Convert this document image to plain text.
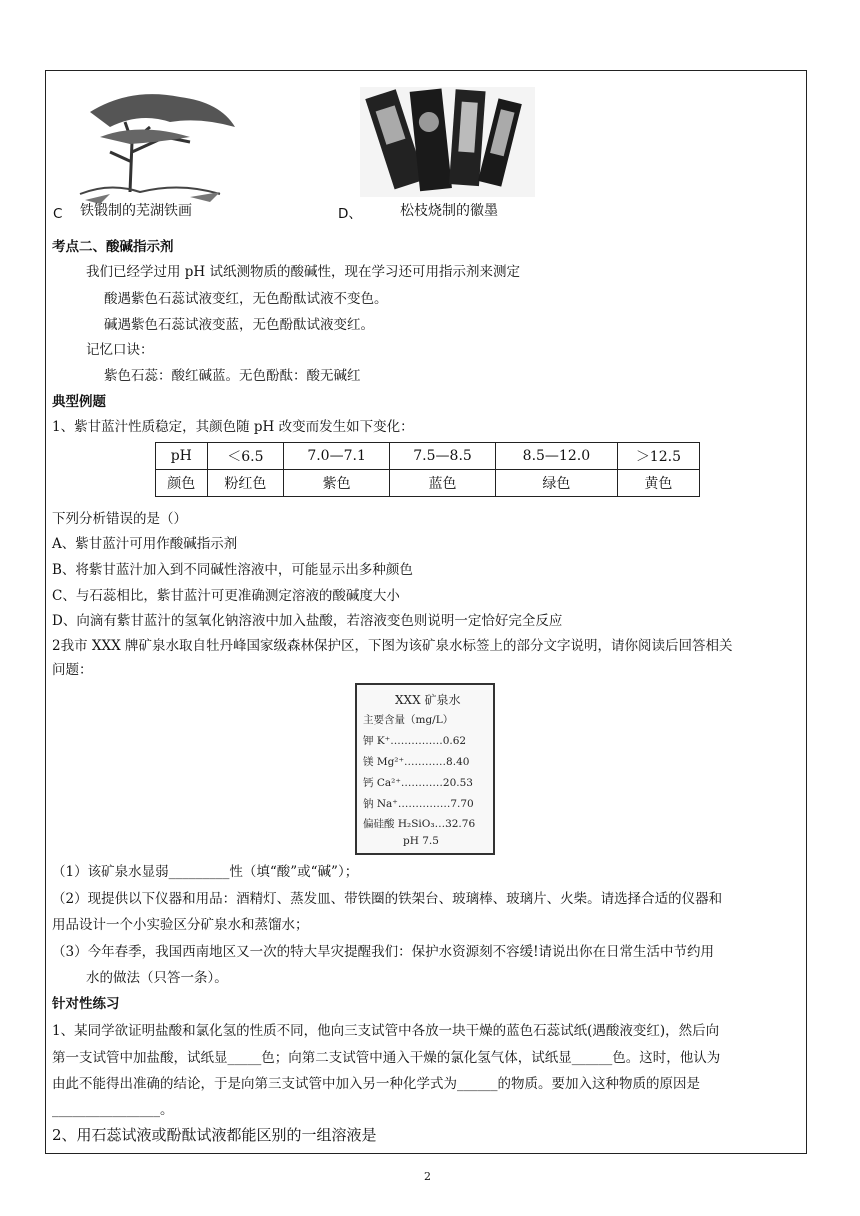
铁锻制的芜湖铁画
C	松枝烧制的徽墨
D、
考点二、酸碱指示剂
我们已经学过用 pH 试纸测物质的酸碱性，现在学习还可用指示剂来测定
酸遇紫色石蕊试液变红，无色酚酞试液不变色。
碱遇紫色石蕊试液变蓝，无色酚酞试液变红。
记忆口诀：
紫色石蕊：酸红碱蓝。无色酚酞：酸无碱红
典型例题
1、紫甘蓝汁性质稳定，其颜色随 pH 改变而发生如下变化：
pH	＜6.5	7.0—7.1	7.5—8.5	8.5—12.0	＞12.5
颜色	粉红色	紫色	蓝色	绿色	黄色
下列分析错误的是（）
A、紫甘蓝汁可用作酸碱指示剂
B、将紫甘蓝汁加入到不同碱性溶液中，可能显示出多种颜色
C、与石蕊相比，紫甘蓝汁可更准确测定溶液的酸碱度大小
D、向滴有紫甘蓝汁的氢氧化钠溶液中加入盐酸，若溶液变色则说明一定恰好完全反应
2我市 XXX 牌矿泉水取自牡丹峰国家级森林保护区，下图为该矿泉水标签上的部分文字说明，请你阅读后回答相关
问题：
XXX 矿泉水
主要含量（mg/L）
钾 K⁺……………0.62
镁 Mg²⁺…………8.40
钙 Ca²⁺…………20.53
钠 Na⁺……………7.70
偏硅酸 H₂SiO₃…32.76
pH 7.5
（1）该矿泉水显弱_________性（填“酸”或“碱”）；
（2）现提供以下仪器和用品：酒精灯、蒸发皿、带铁圈的铁架台、玻璃棒、玻璃片、火柴。请选择合适的仪器和
用品设计一个小实验区分矿泉水和蒸馏水；
（3）今年春季，我国西南地区又一次的特大旱灾提醒我们：保护水资源刻不容缓!请说出你在日常生活中节约用
水的做法（只答一条）。
针对性练习
1、某同学欲证明盐酸和氯化氢的性质不同，他向三支试管中各放一块干燥的蓝色石蕊试纸(遇酸液变红)，然后向
第一支试管中加盐酸，试纸显_____色；向第二支试管中通入干燥的氯化氢气体，试纸显______色。这时，他认为
由此不能得出准确的结论，于是向第三支试管中加入另一种化学式为______的物质。要加入这种物质的原因是
________________。
2、用石蕊试液或酚酞试液都能区别的一组溶液是
2
